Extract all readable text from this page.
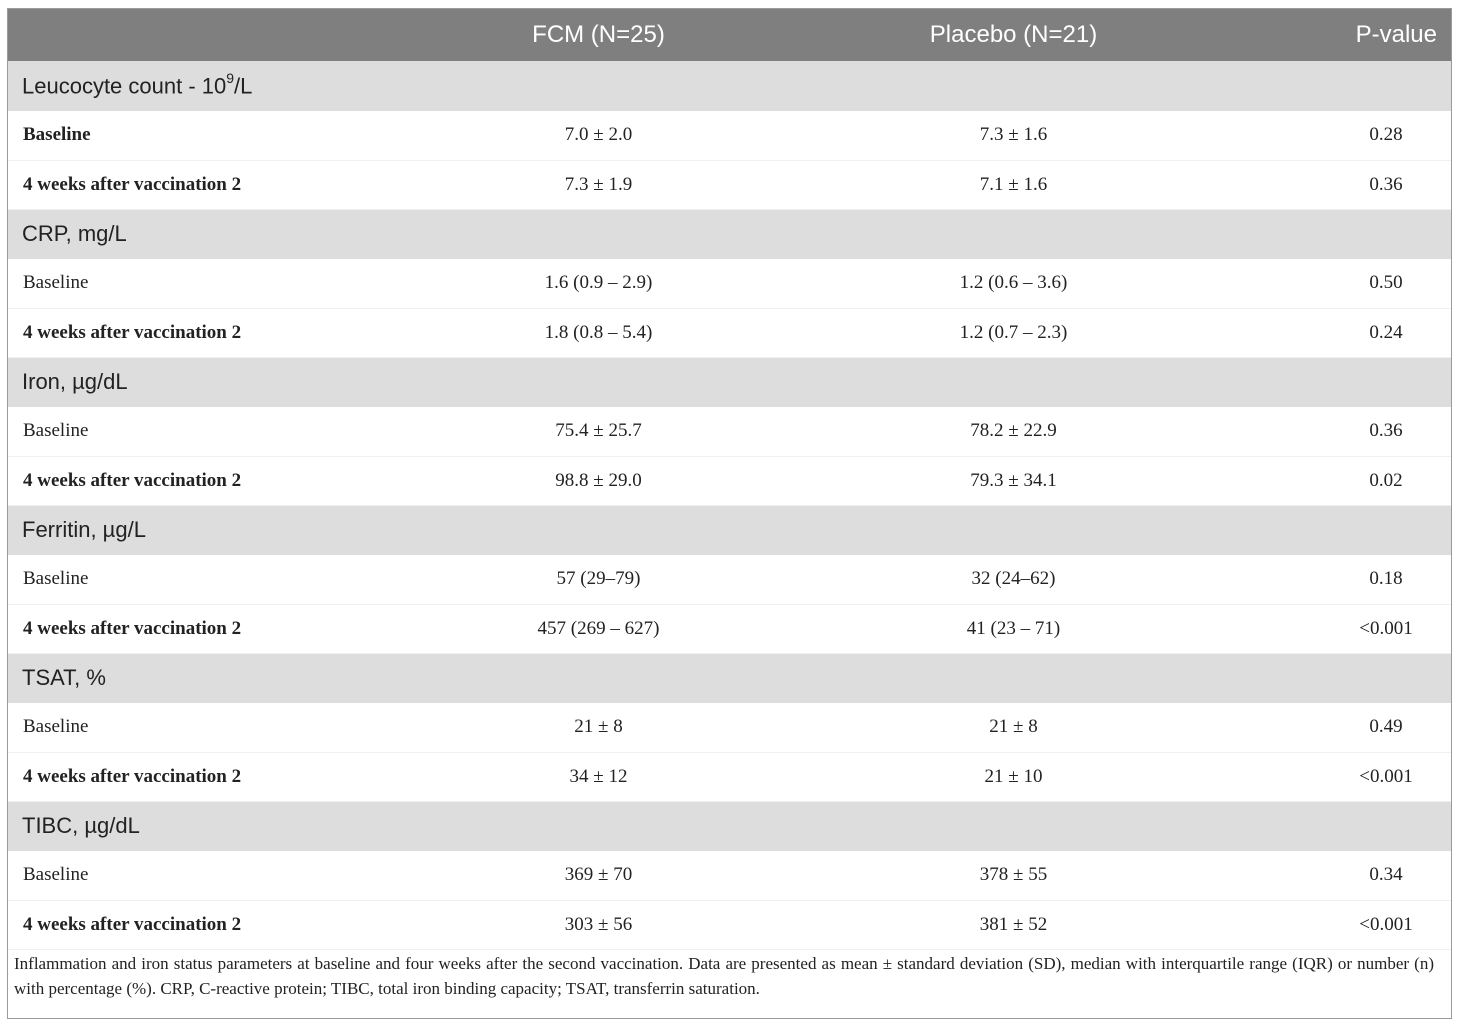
	FCM (N=25)	Placebo (N=21)	P-value
Leucocyte count - $10^9/L$			
Baseline	7.0 ± 2.0	7.3 ± 1.6	0.28
4 weeks after vaccination 2	7.3 ± 1.9	7.1 ± 1.6	0.36
CRP, mg/L			
Baseline	1.6 (0.9 – 2.9)	1.2 (0.6 – 3.6)	0.50
4 weeks after vaccination 2	1.8 (0.8 – 5.4)	1.2 (0.7 – 2.3)	0.24
Iron, µg/dL			
Baseline	75.4 ± 25.7	78.2 ± 22.9	0.36
4 weeks after vaccination 2	98.8 ± 29.0	79.3 ± 34.1	0.02
Ferritin, µg/L			
Baseline	57 (29–79)	32 (24–62)	0.18
4 weeks after vaccination 2	457 (269 – 627)	41 (23 – 71)	<0.001
TSAT, %			
Baseline	21 ± 8	21 ± 8	0.49
4 weeks after vaccination 2	34 ± 12	21 ± 10	<0.001
TIBC, µg/dL			
Baseline	369 ± 70	378 ± 55	0.34
4 weeks after vaccination 2	303 ± 56	381 ± 52	<0.001
Inflammation and iron status parameters at baseline and four weeks after the second vaccination. Data are presented as mean ± standard deviation (SD), median with interquartile range (IQR) or number (n) with percentage (%). CRP, C-reactive protein; TIBC, total iron binding capacity; TSAT, transferrin saturation.
